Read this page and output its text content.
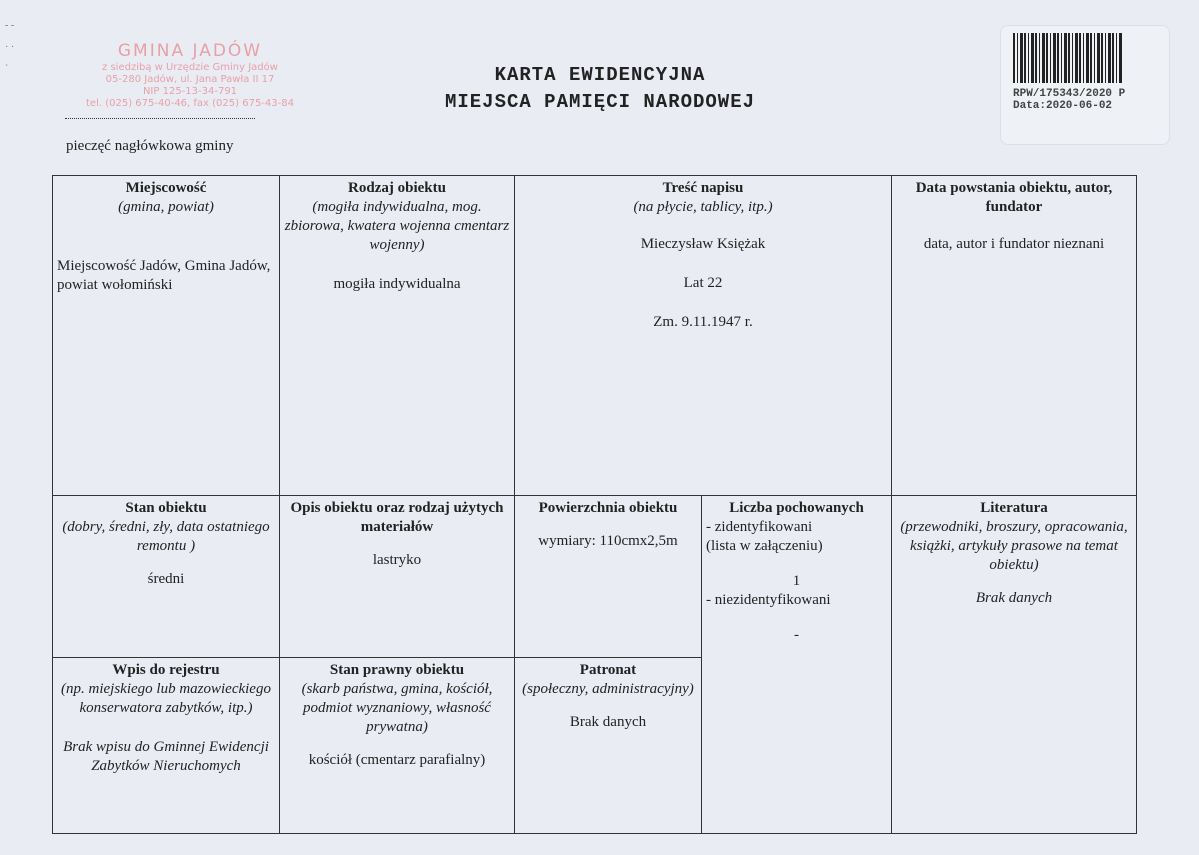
- -

· ·

`
GMINA JADÓW
z siedzibą w Urzędzie Gminy Jadów
05-280 Jadów, ul. Jana Pawła II 17
NIP 125-13-34-791
tel. (025) 675-40-46, fax (025) 675-43-84
pieczęć nagłówkowa gminy
KARTA EWIDENCYJNA
MIEJSCA PAMIĘCI NARODOWEJ	RPW/175343/2020 P
Data:2020-06-02
Miejscowość
(gmina, powiat)
Miejscowość Jadów, Gmina Jadów, powiat wołomiński
Rodzaj obiektu
(mogiła indywidualna, mog. zbiorowa, kwatera wojenna cmentarz wojenny)
mogiła indywidualna
Treść napisu
(na płycie, tablicy, itp.)
Mieczysław Księżak
Lat 22
Zm. 9.11.1947 r.
Data powstania obiektu, autor, fundator
data, autor i fundator nieznani
Stan obiektu
(dobry, średni, zły, data ostatniego remontu )
średni
Opis obiektu oraz rodzaj użytych materiałów
lastryko
Powierzchnia obiektu
wymiary: 110cmx2,5m
Liczba pochowanych
- zidentyfikowani
(lista w załączeniu)
1
- niezidentyfikowani
-
Literatura
(przewodniki, broszury, opracowania, książki, artykuły prasowe na temat obiektu)
Brak danych
Wpis do rejestru
(np. miejskiego lub mazowieckiego konserwatora zabytków, itp.)
Brak wpisu do Gminnej Ewidencji Zabytków Nieruchomych
Stan prawny obiektu
(skarb państwa, gmina, kościół, podmiot wyznaniowy, własność prywatna)
kościół (cmentarz parafialny)
Patronat
(społeczny, administracyjny)
Brak danych
